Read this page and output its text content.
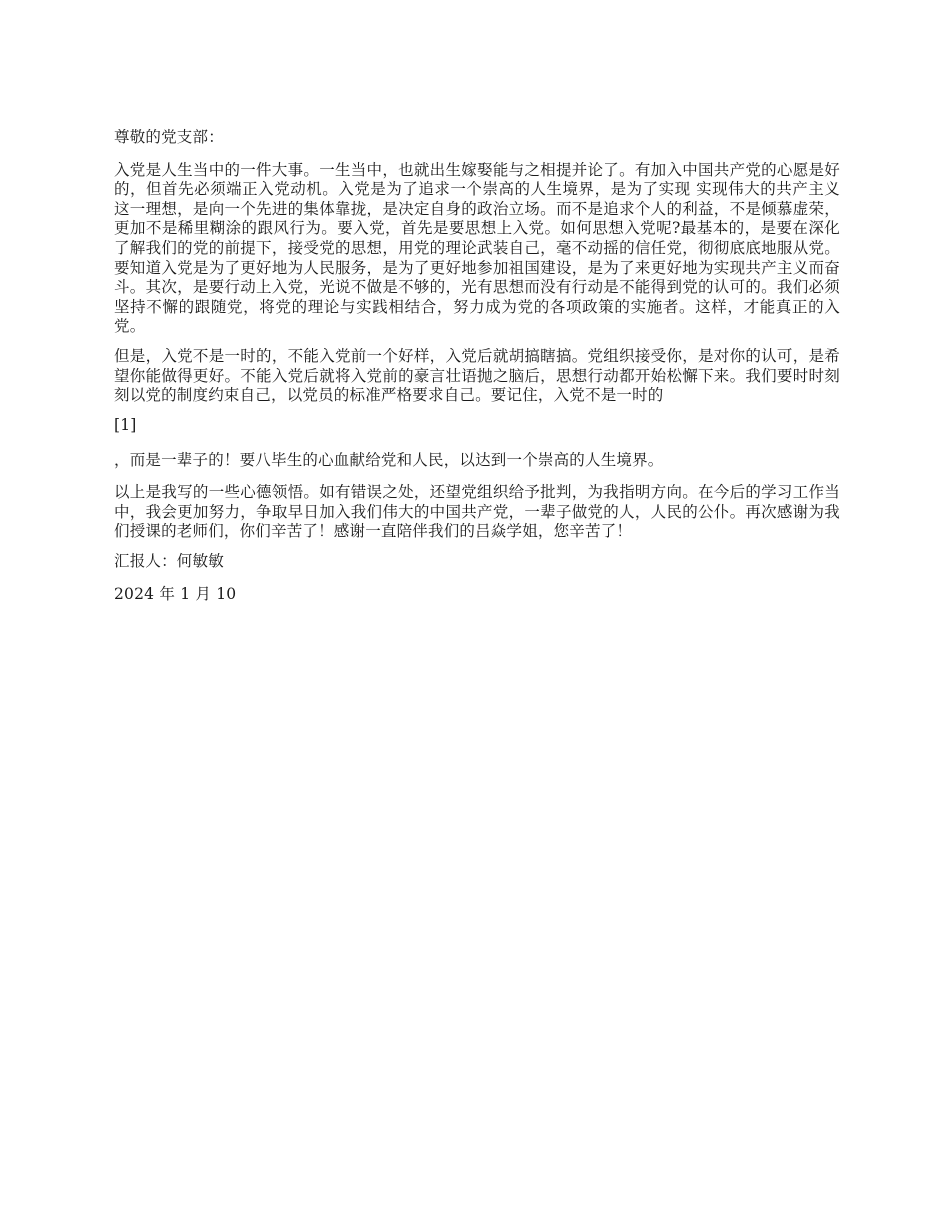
尊敬的党支部：

入党是人生当中的一件大事。一生当中，也就出生嫁娶能与之相提并论了。有加入中国共产党的心愿是好的，但首先必须端正入党动机。入党是为了追求一个崇高的人生境界，是为了实现 实现伟大的共产主义这一理想，是向一个先进的集体靠拢，是决定自身的政治立场。而不是追求个人的利益，不是倾慕虚荣，更加不是稀里糊涂的跟风行为。要入党，首先是要思想上入党。如何思想入党呢?最基本的，是要在深化了解我们的党的前提下，接受党的思想，用党的理论武装自己，毫不动摇的信任党，彻彻底底地服从党。要知道入党是为了更好地为人民服务，是为了更好地参加祖国建设，是为了来更好地为实现共产主义而奋斗。其次，是要行动上入党，光说不做是不够的，光有思想而没有行动是不能得到党的认可的。我们必须坚持不懈的跟随党，将党的理论与实践相结合，努力成为党的各项政策的实施者。这样，才能真正的入党。

但是，入党不是一时的，不能入党前一个好样，入党后就胡搞瞎搞。党组织接受你，是对你的认可，是希望你能做得更好。不能入党后就将入党前的豪言壮语抛之脑后，思想行动都开始松懈下来。我们要时时刻刻以党的制度约束自己，以党员的标准严格要求自己。要记住，入党不是一时的

[1]

，而是一辈子的！要八毕生的心血献给党和人民，以达到一个崇高的人生境界。

以上是我写的一些心德领悟。如有错误之处，还望党组织给予批判，为我指明方向。在今后的学习工作当中，我会更加努力，争取早日加入我们伟大的中国共产党，一辈子做党的人，人民的公仆。再次感谢为我们授课的老师们，你们辛苦了！感谢一直陪伴我们的吕焱学姐，您辛苦了！

汇报人：何敏敏

2024 年 1 月 10
